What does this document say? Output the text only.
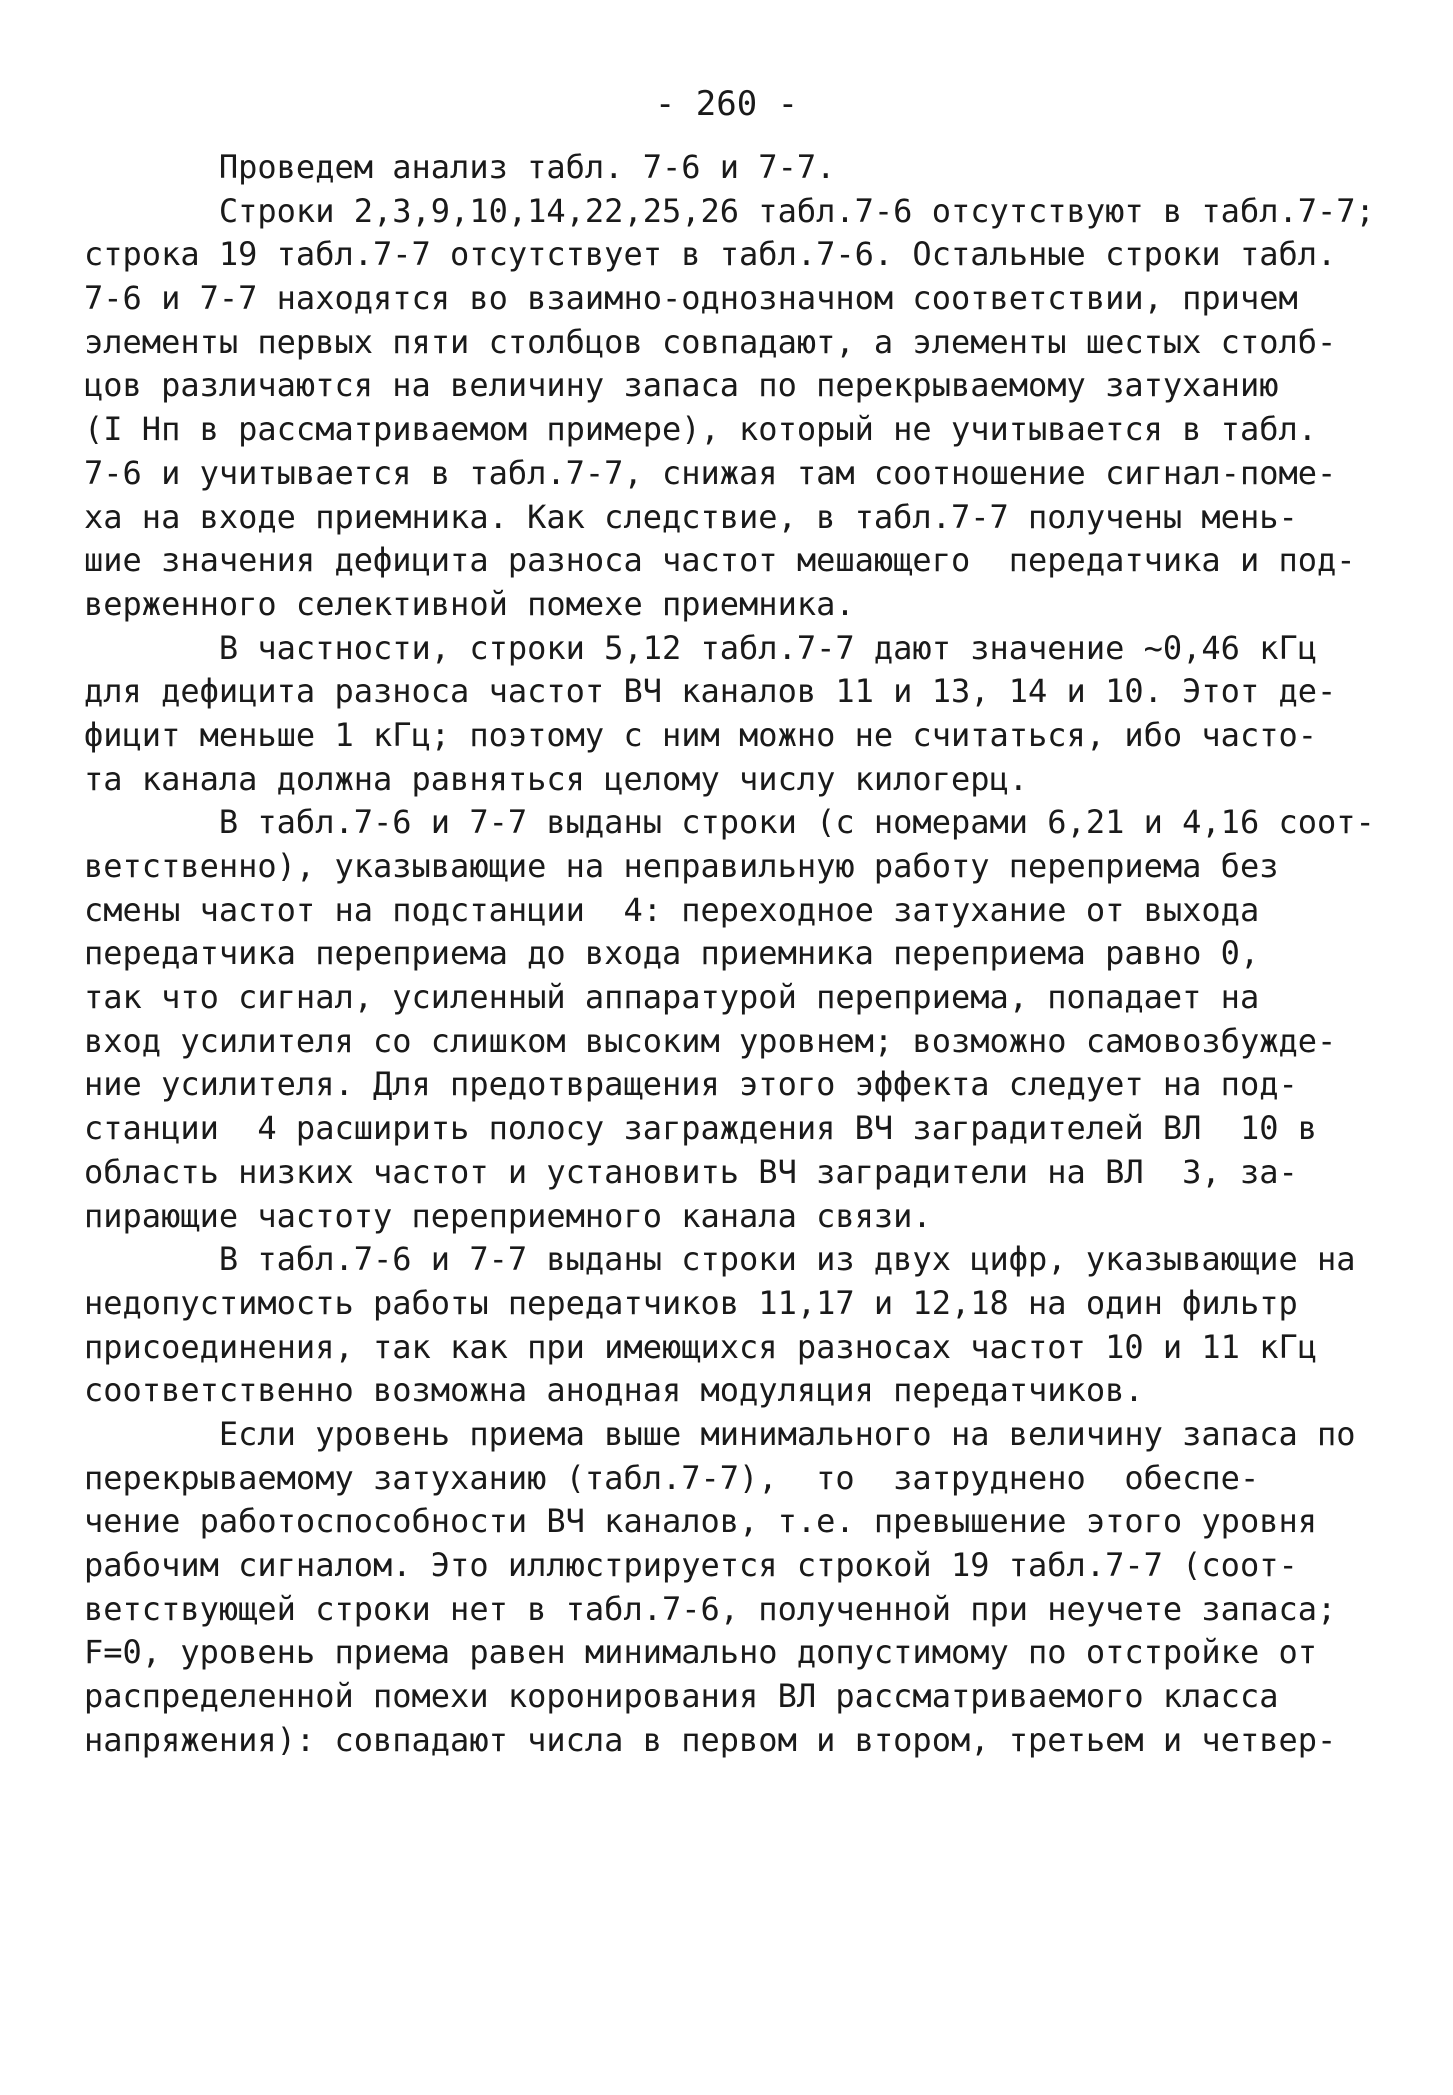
- 260 -
Проведем анализ табл. 7-6 и 7-7.
Строки 2,3,9,10,14,22,25,26 табл.7-6 отсутствуют в табл.7-7;
строка 19 табл.7-7 отсутствует в табл.7-6. Остальные строки табл.
7-6 и 7-7 находятся во взаимно-однозначном соответствии, причем
элементы первых пяти столбцов совпадают, а элементы шестых столб-
цов различаются на величину запаса по перекрываемому затуханию
(I Нп в рассматриваемом примере), который не учитывается в табл.
7-6 и учитывается в табл.7-7, снижая там соотношение сигнал-поме-
ха на входе приемника. Как следствие, в табл.7-7 получены мень-
шие значения дефицита разноса частот мешающего  передатчика и под-
верженного селективной помехе приемника.
В частности, строки 5,12 табл.7-7 дают значение ~0,46 кГц
для дефицита разноса частот ВЧ каналов 11 и 13, 14 и 10. Этот де-
фицит меньше 1 кГц; поэтому с ним можно не считаться, ибо часто-
та канала должна равняться целому числу килогерц.
В табл.7-6 и 7-7 выданы строки (с номерами 6,21 и 4,16 соот-
ветственно), указывающие на неправильную работу переприема без
смены частот на подстанции  4: переходное затухание от выхода
передатчика переприема до входа приемника переприема равно 0,
так что сигнал, усиленный аппаратурой переприема, попадает на
вход усилителя со слишком высоким уровнем; возможно самовозбужде-
ние усилителя. Для предотвращения этого эффекта следует на под-
станции  4 расширить полосу заграждения ВЧ заградителей ВЛ  10 в
область низких частот и установить ВЧ заградители на ВЛ  3, за-
пирающие частоту переприемного канала связи.
В табл.7-6 и 7-7 выданы строки из двух цифр, указывающие на
недопустимость работы передатчиков 11,17 и 12,18 на один фильтр
присоединения, так как при имеющихся разносах частот 10 и 11 кГц
соответственно возможна анодная модуляция передатчиков.
Если уровень приема выше минимального на величину запаса по
перекрываемому затуханию (табл.7-7),  то  затруднено  обеспе-
чение работоспособности ВЧ каналов, т.е. превышение этого уровня
рабочим сигналом. Это иллюстрируется строкой 19 табл.7-7 (соот-
ветствующей строки нет в табл.7-6, полученной при неучете запаса;
F=0, уровень приема равен минимально допустимому по отстройке от
распределенной помехи коронирования ВЛ рассматриваемого класса
напряжения): совпадают числа в первом и втором, третьем и четвер-
